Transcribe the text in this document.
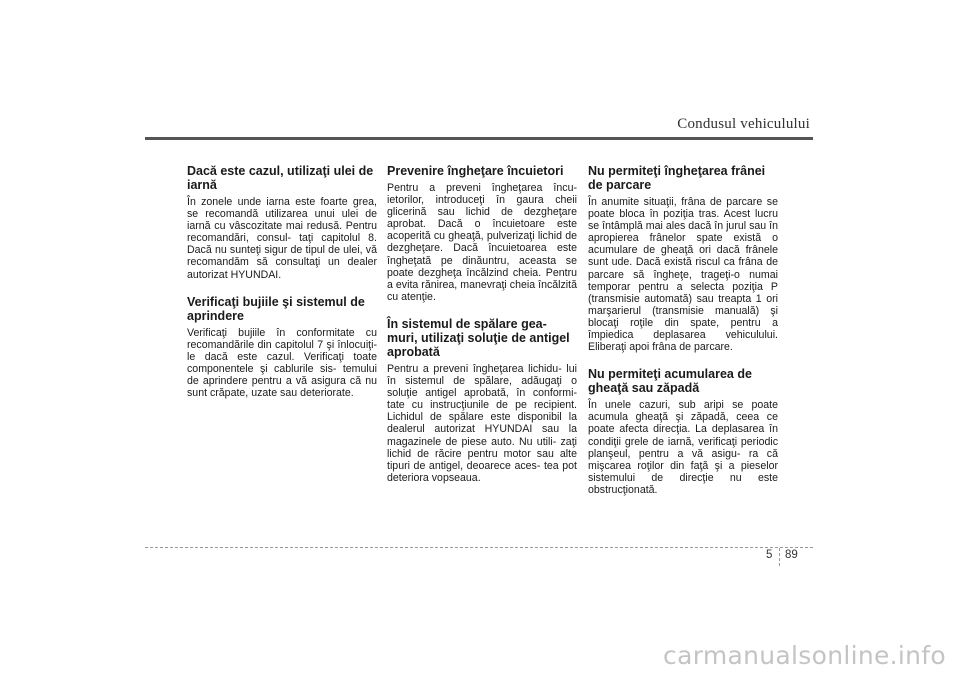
Condusul vehiculului
Dacă este cazul, utilizaţi ulei de iarnă

În zonele unde iarna este foarte grea, se recomandă utilizarea unui ulei de iarnă cu vâscozitate mai redusă. Pentru recomandări, consul- taţi capitolul 8. Dacă nu sunteţi sigur de tipul de ulei, vă recomandăm să consultaţi un dealer autorizat HYUNDAI.

Verificaţi bujiile şi sistemul de aprindere

Verificaţi bujiile în conformitate cu recomandările din capitolul 7 şi înlocuiţi-le dacă este cazul. Verificaţi toate componentele şi cablurile sis- temului de aprindere pentru a vă asigura că nu sunt crăpate, uzate sau deteriorate.

Prevenire îngheţare încuietori

Pentru a preveni îngheţarea încu- ietorilor, introduceţi în gaura cheii glicerină sau lichid de dezgheţare aprobat. Dacă o încuietoare este acoperită cu gheaţă, pulverizaţi lichid de dezgheţare. Dacă încuietoarea este îngheţată pe dinăuntru, aceasta se poate dezgheţa încălzind cheia. Pentru a evita rănirea, manevraţi cheia încălzită cu atenţie.

În sistemul de spălare gea- muri, utilizaţi soluţie de antigel aprobată

Pentru a preveni îngheţarea lichidu- lui în sistemul de spălare, adăugaţi o soluţie antigel aprobată, în conformi- tate cu instrucţiunile de pe recipient. Lichidul de spălare este disponibil la dealerul autorizat HYUNDAI sau la magazinele de piese auto. Nu utili- zaţi lichid de răcire pentru motor sau alte tipuri de antigel, deoarece aces- tea pot deteriora vopseaua.

Nu permiteţi îngheţarea frânei de parcare

În anumite situaţii, frâna de parcare se poate bloca în poziţia tras. Acest lucru se întâmplă mai ales dacă în jurul sau în apropierea frânelor spate există o acumulare de gheaţă ori dacă frânele sunt ude. Dacă există riscul ca frâna de parcare să îngheţe, trageţi-o numai temporar pentru a selecta poziţia P (transmisie automată) sau treapta 1 ori marşarierul (transmisie manuală) şi blocaţi roţile din spate, pentru a împiedica deplasarea vehiculului. Eliberaţi apoi frâna de parcare.

Nu permiteţi acumularea de gheaţă sau zăpadă

În unele cazuri, sub aripi se poate acumula gheaţă şi zăpadă, ceea ce poate afecta direcţia. La deplasarea în condiţii grele de iarnă, verificaţi periodic planşeul, pentru a vă asigu- ra că mişcarea roţilor din faţă şi a pieselor sistemului de direcţie nu este obstrucţionată.

5 89
carmanualsonline.info
